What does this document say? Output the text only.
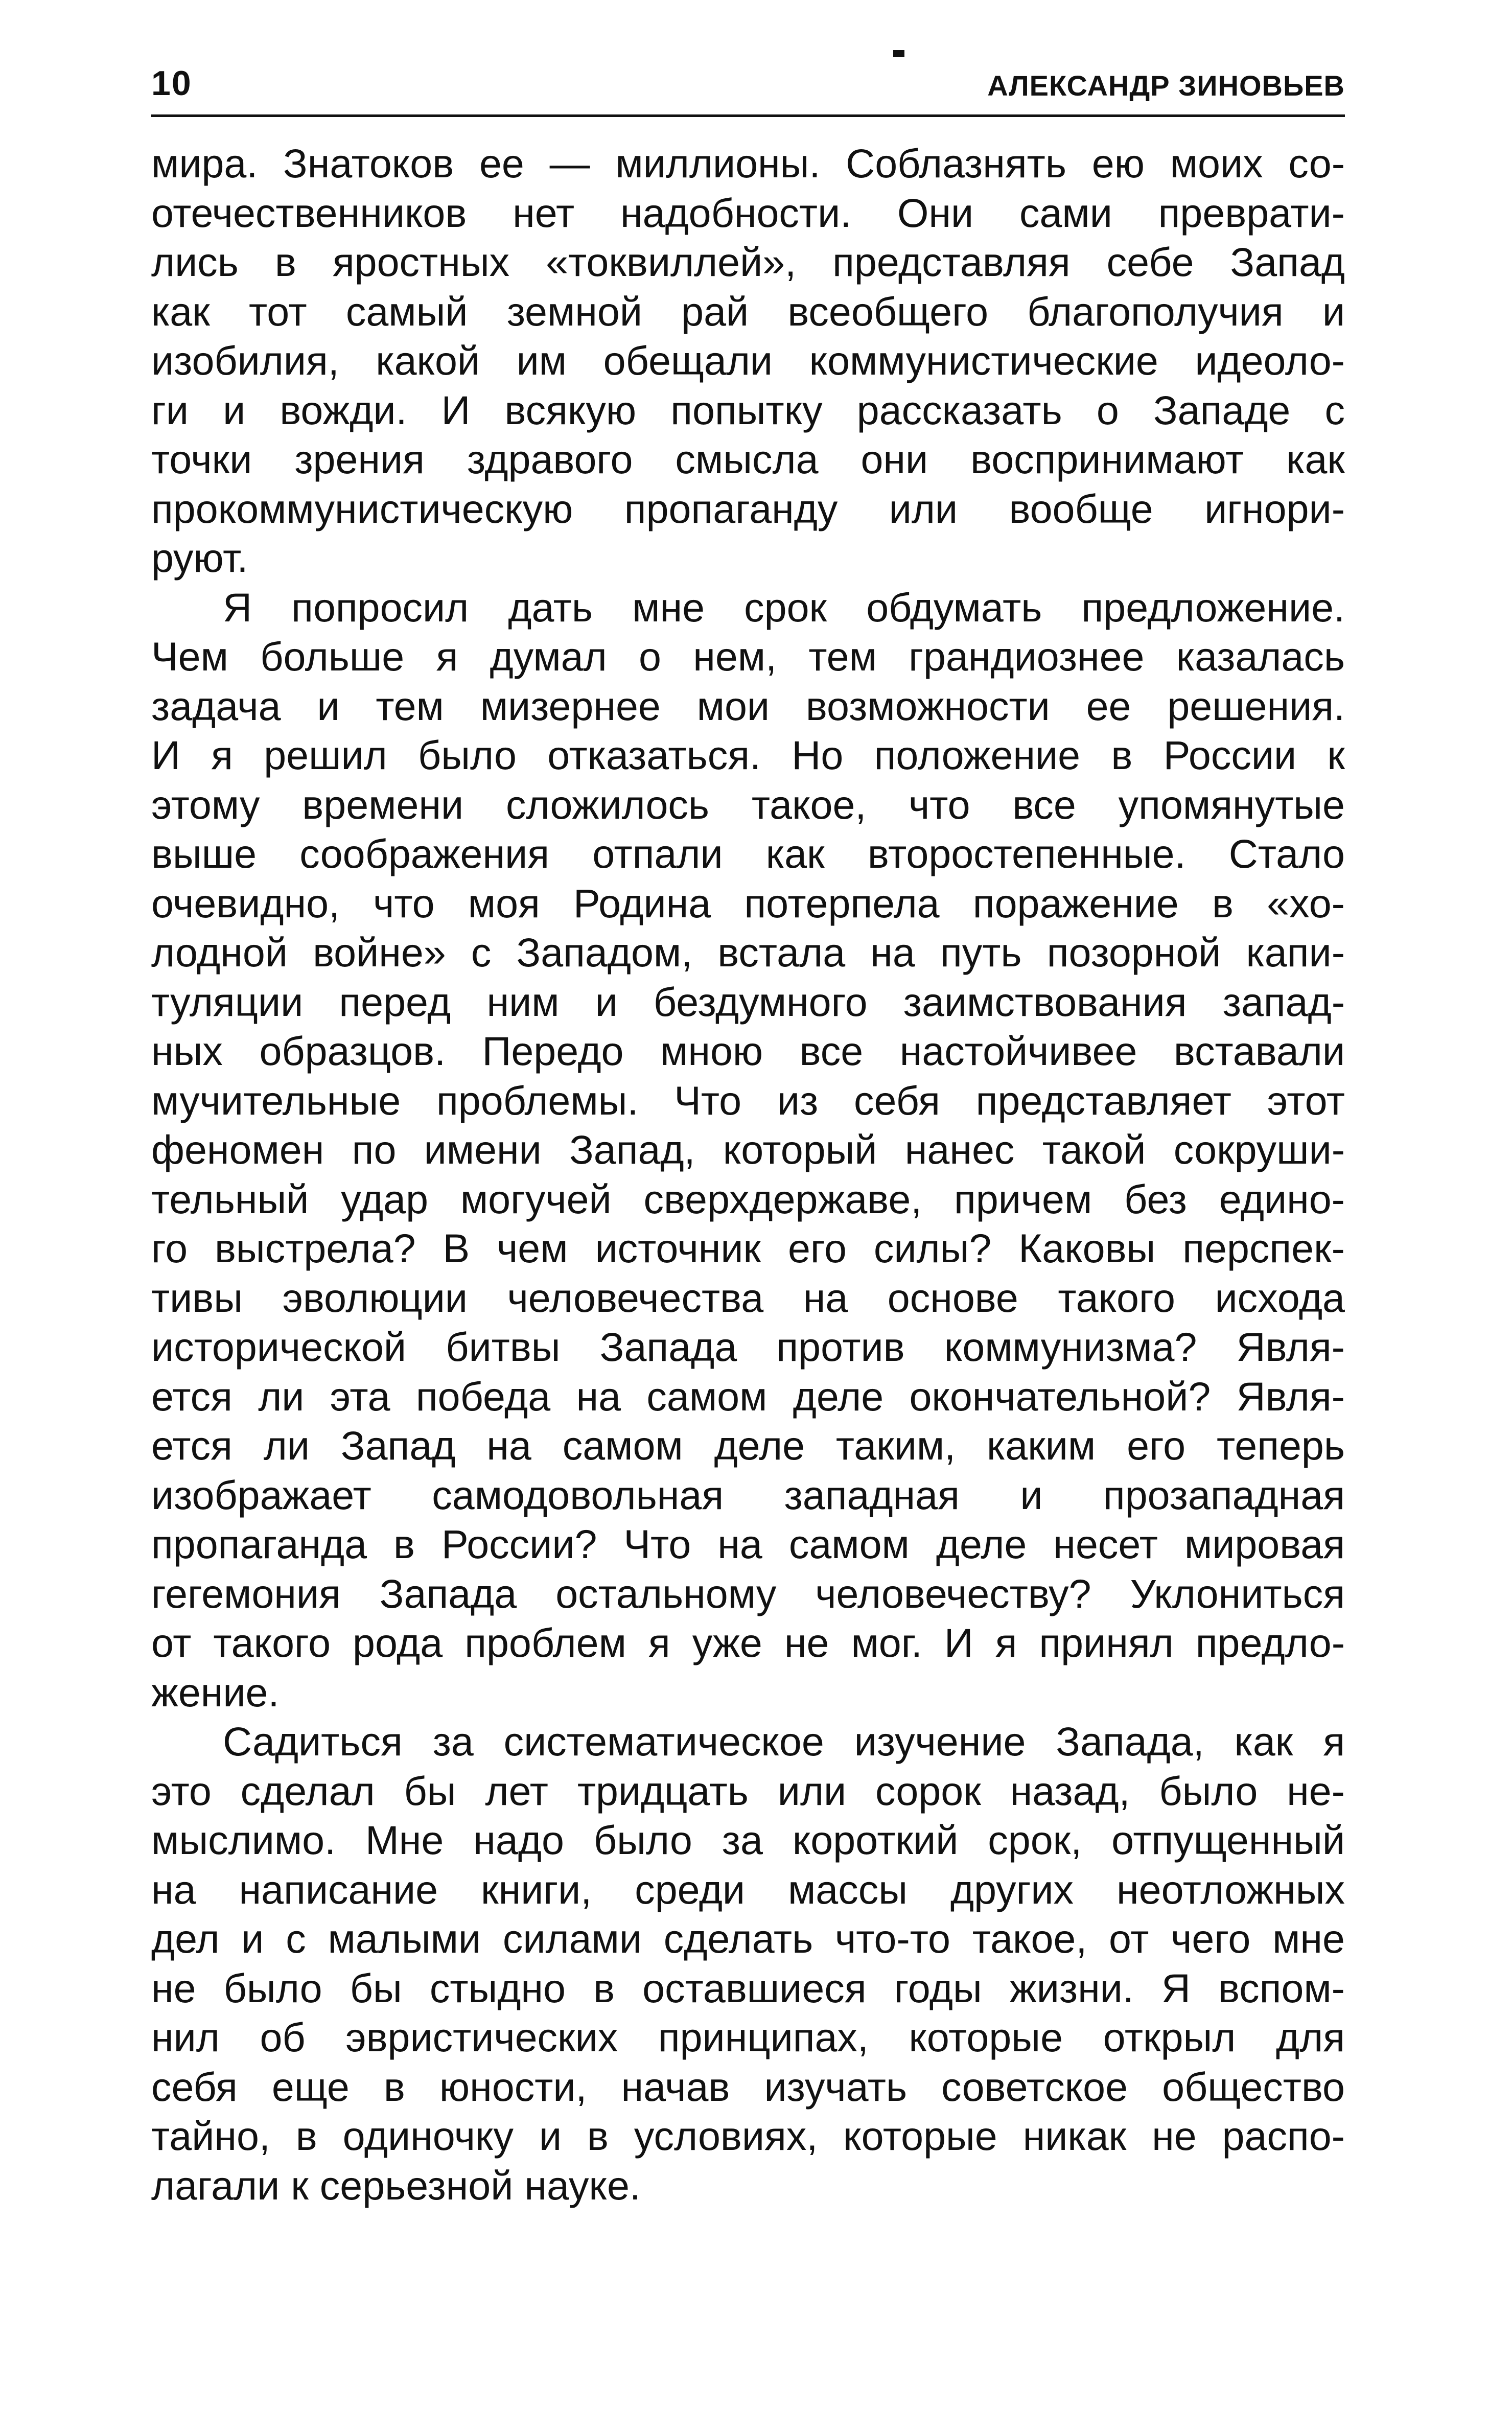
10	АЛЕКСАНДР ЗИНОВЬЕВ
мира. Знатоков ее — миллионы. Соблазнять ею моих со-
отечественников нет надобности. Они сами преврати-
лись в яростных «токвиллей», представляя себе Запад
как тот самый земной рай всеобщего благополучия и
изобилия, какой им обещали коммунистические идеоло-
ги и вожди. И всякую попытку рассказать о Западе с
точки зрения здравого смысла они воспринимают как
прокоммунистическую пропаганду или вообще игнори-
руют.
Я попросил дать мне срок обдумать предложение.
Чем больше я думал о нем, тем грандиознее казалась
задача и тем мизернее мои возможности ее решения.
И я решил было отказаться. Но положение в России к
этому времени сложилось такое, что все упомянутые
выше соображения отпали как второстепенные. Стало
очевидно, что моя Родина потерпела поражение в «хо-
лодной войне» с Западом, встала на путь позорной капи-
туляции перед ним и бездумного заимствования запад-
ных образцов. Передо мною все настойчивее вставали
мучительные проблемы. Что из себя представляет этот
феномен по имени Запад, который нанес такой сокруши-
тельный удар могучей сверхдержаве, причем без едино-
го выстрела? В чем источник его силы? Каковы перспек-
тивы эволюции человечества на основе такого исхода
исторической битвы Запада против коммунизма? Явля-
ется ли эта победа на самом деле окончательной? Явля-
ется ли Запад на самом деле таким, каким его теперь
изображает самодовольная западная и прозападная
пропаганда в России? Что на самом деле несет мировая
гегемония Запада остальному человечеству? Уклониться
от такого рода проблем я уже не мог. И я принял предло-
жение.
Садиться за систематическое изучение Запада, как я
это сделал бы лет тридцать или сорок назад, было не-
мыслимо. Мне надо было за короткий срок, отпущенный
на написание книги, среди массы других неотложных
дел и с малыми силами сделать что-то такое, от чего мне
не было бы стыдно в оставшиеся годы жизни. Я вспом-
нил об эвристических принципах, которые открыл для
себя еще в юности, начав изучать советское общество
тайно, в одиночку и в условиях, которые никак не распо-
лагали к серьезной науке.
